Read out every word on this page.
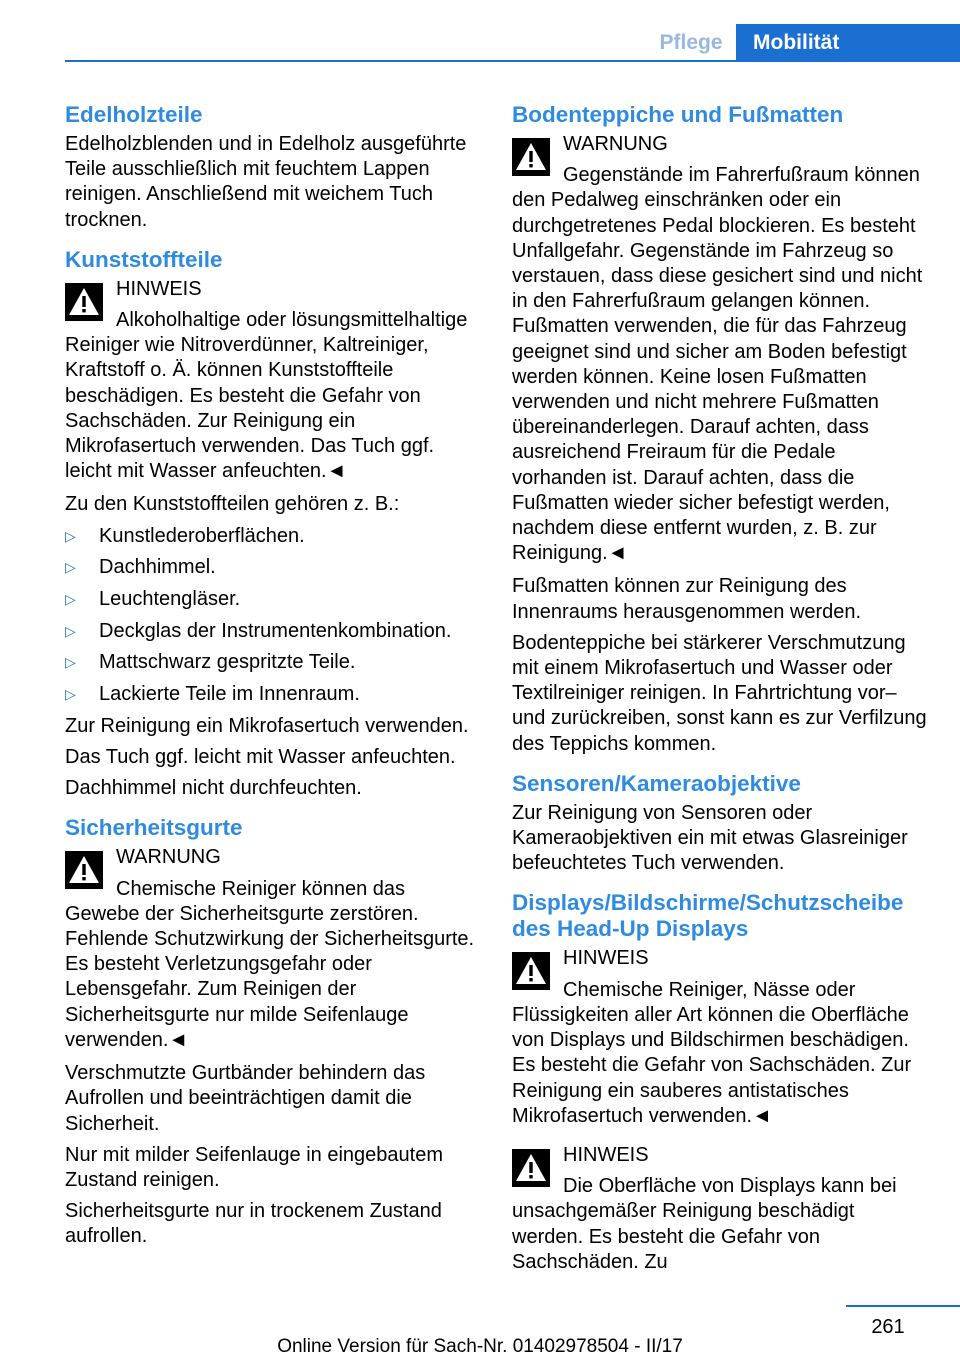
Pflege	Mobilität
Edelholzteile

Edelholzblenden und in Edelholz ausgeführte Teile ausschließlich mit feuchtem Lappen reinigen. Anschließend mit weichem Tuch trocknen.

Kunststoffteile
HINWEIS
Alkoholhaltige oder lösungsmittelhaltige Reiniger wie Nitroverdünner, Kaltreiniger, Kraftstoff o. Ä. können Kunststoffteile beschädigen. Es besteht die Gefahr von Sachschäden. Zur Reinigung ein Mikrofasertuch verwenden. Das Tuch ggf. leicht mit Wasser anfeuchten.◄

Zu den Kunststoffteilen gehören z. B.:

▷ Kunstlederoberflächen.
▷ Dachhimmel.
▷ Leuchtengläser.
▷ Deckglas der Instrumentenkombination.
▷ Mattschwarz gespritzte Teile.
▷ Lackierte Teile im Innenraum.

Zur Reinigung ein Mikrofasertuch verwenden.

Das Tuch ggf. leicht mit Wasser anfeuchten.

Dachhimmel nicht durchfeuchten.

Sicherheitsgurte
WARNUNG
Chemische Reiniger können das Gewebe der Sicherheitsgurte zerstören. Fehlende Schutzwirkung der Sicherheitsgurte. Es besteht Verletzungsgefahr oder Lebensgefahr. Zum Reinigen der Sicherheitsgurte nur milde Seifenlauge verwenden.◄

Verschmutzte Gurtbänder behindern das Aufrollen und beeinträchtigen damit die Sicherheit.

Nur mit milder Seifenlauge in eingebautem Zustand reinigen.

Sicherheitsgurte nur in trockenem Zustand aufrollen.

Bodenteppiche und Fußmatten
WARNUNG
Gegenstände im Fahrerfußraum können den Pedalweg einschränken oder ein durchgetretenes Pedal blockieren. Es besteht Unfallgefahr. Gegenstände im Fahrzeug so verstauen, dass diese gesichert sind und nicht in den Fahrerfußraum gelangen können. Fußmatten verwenden, die für das Fahrzeug geeignet sind und sicher am Boden befestigt werden können. Keine losen Fußmatten verwenden und nicht mehrere Fußmatten übereinanderlegen. Darauf achten, dass ausreichend Freiraum für die Pedale vorhanden ist. Darauf achten, dass die Fußmatten wieder sicher befestigt werden, nachdem diese entfernt wurden, z. B. zur Reinigung.◄

Fußmatten können zur Reinigung des Innenraums herausgenommen werden.

Bodenteppiche bei stärkerer Verschmutzung mit einem Mikrofasertuch und Wasser oder Textilreiniger reinigen. In Fahrtrichtung vor– und zurückreiben, sonst kann es zur Verfilzung des Teppichs kommen.

Sensoren/Kameraobjektive

Zur Reinigung von Sensoren oder Kameraobjektiven ein mit etwas Glasreiniger befeuchtetes Tuch verwenden.

Displays/Bildschirme/Schutzscheibe des Head-Up Displays
HINWEIS
Chemische Reiniger, Nässe oder Flüssigkeiten aller Art können die Oberfläche von Displays und Bildschirmen beschädigen. Es besteht die Gefahr von Sachschäden. Zur Reinigung ein sauberes antistatisches Mikrofasertuch verwenden.◄
HINWEIS
Die Oberfläche von Displays kann bei unsachgemäßer Reinigung beschädigt werden. Es besteht die Gefahr von Sachschäden. Zu
261
Online Version für Sach-Nr. 01402978504 - II/17
